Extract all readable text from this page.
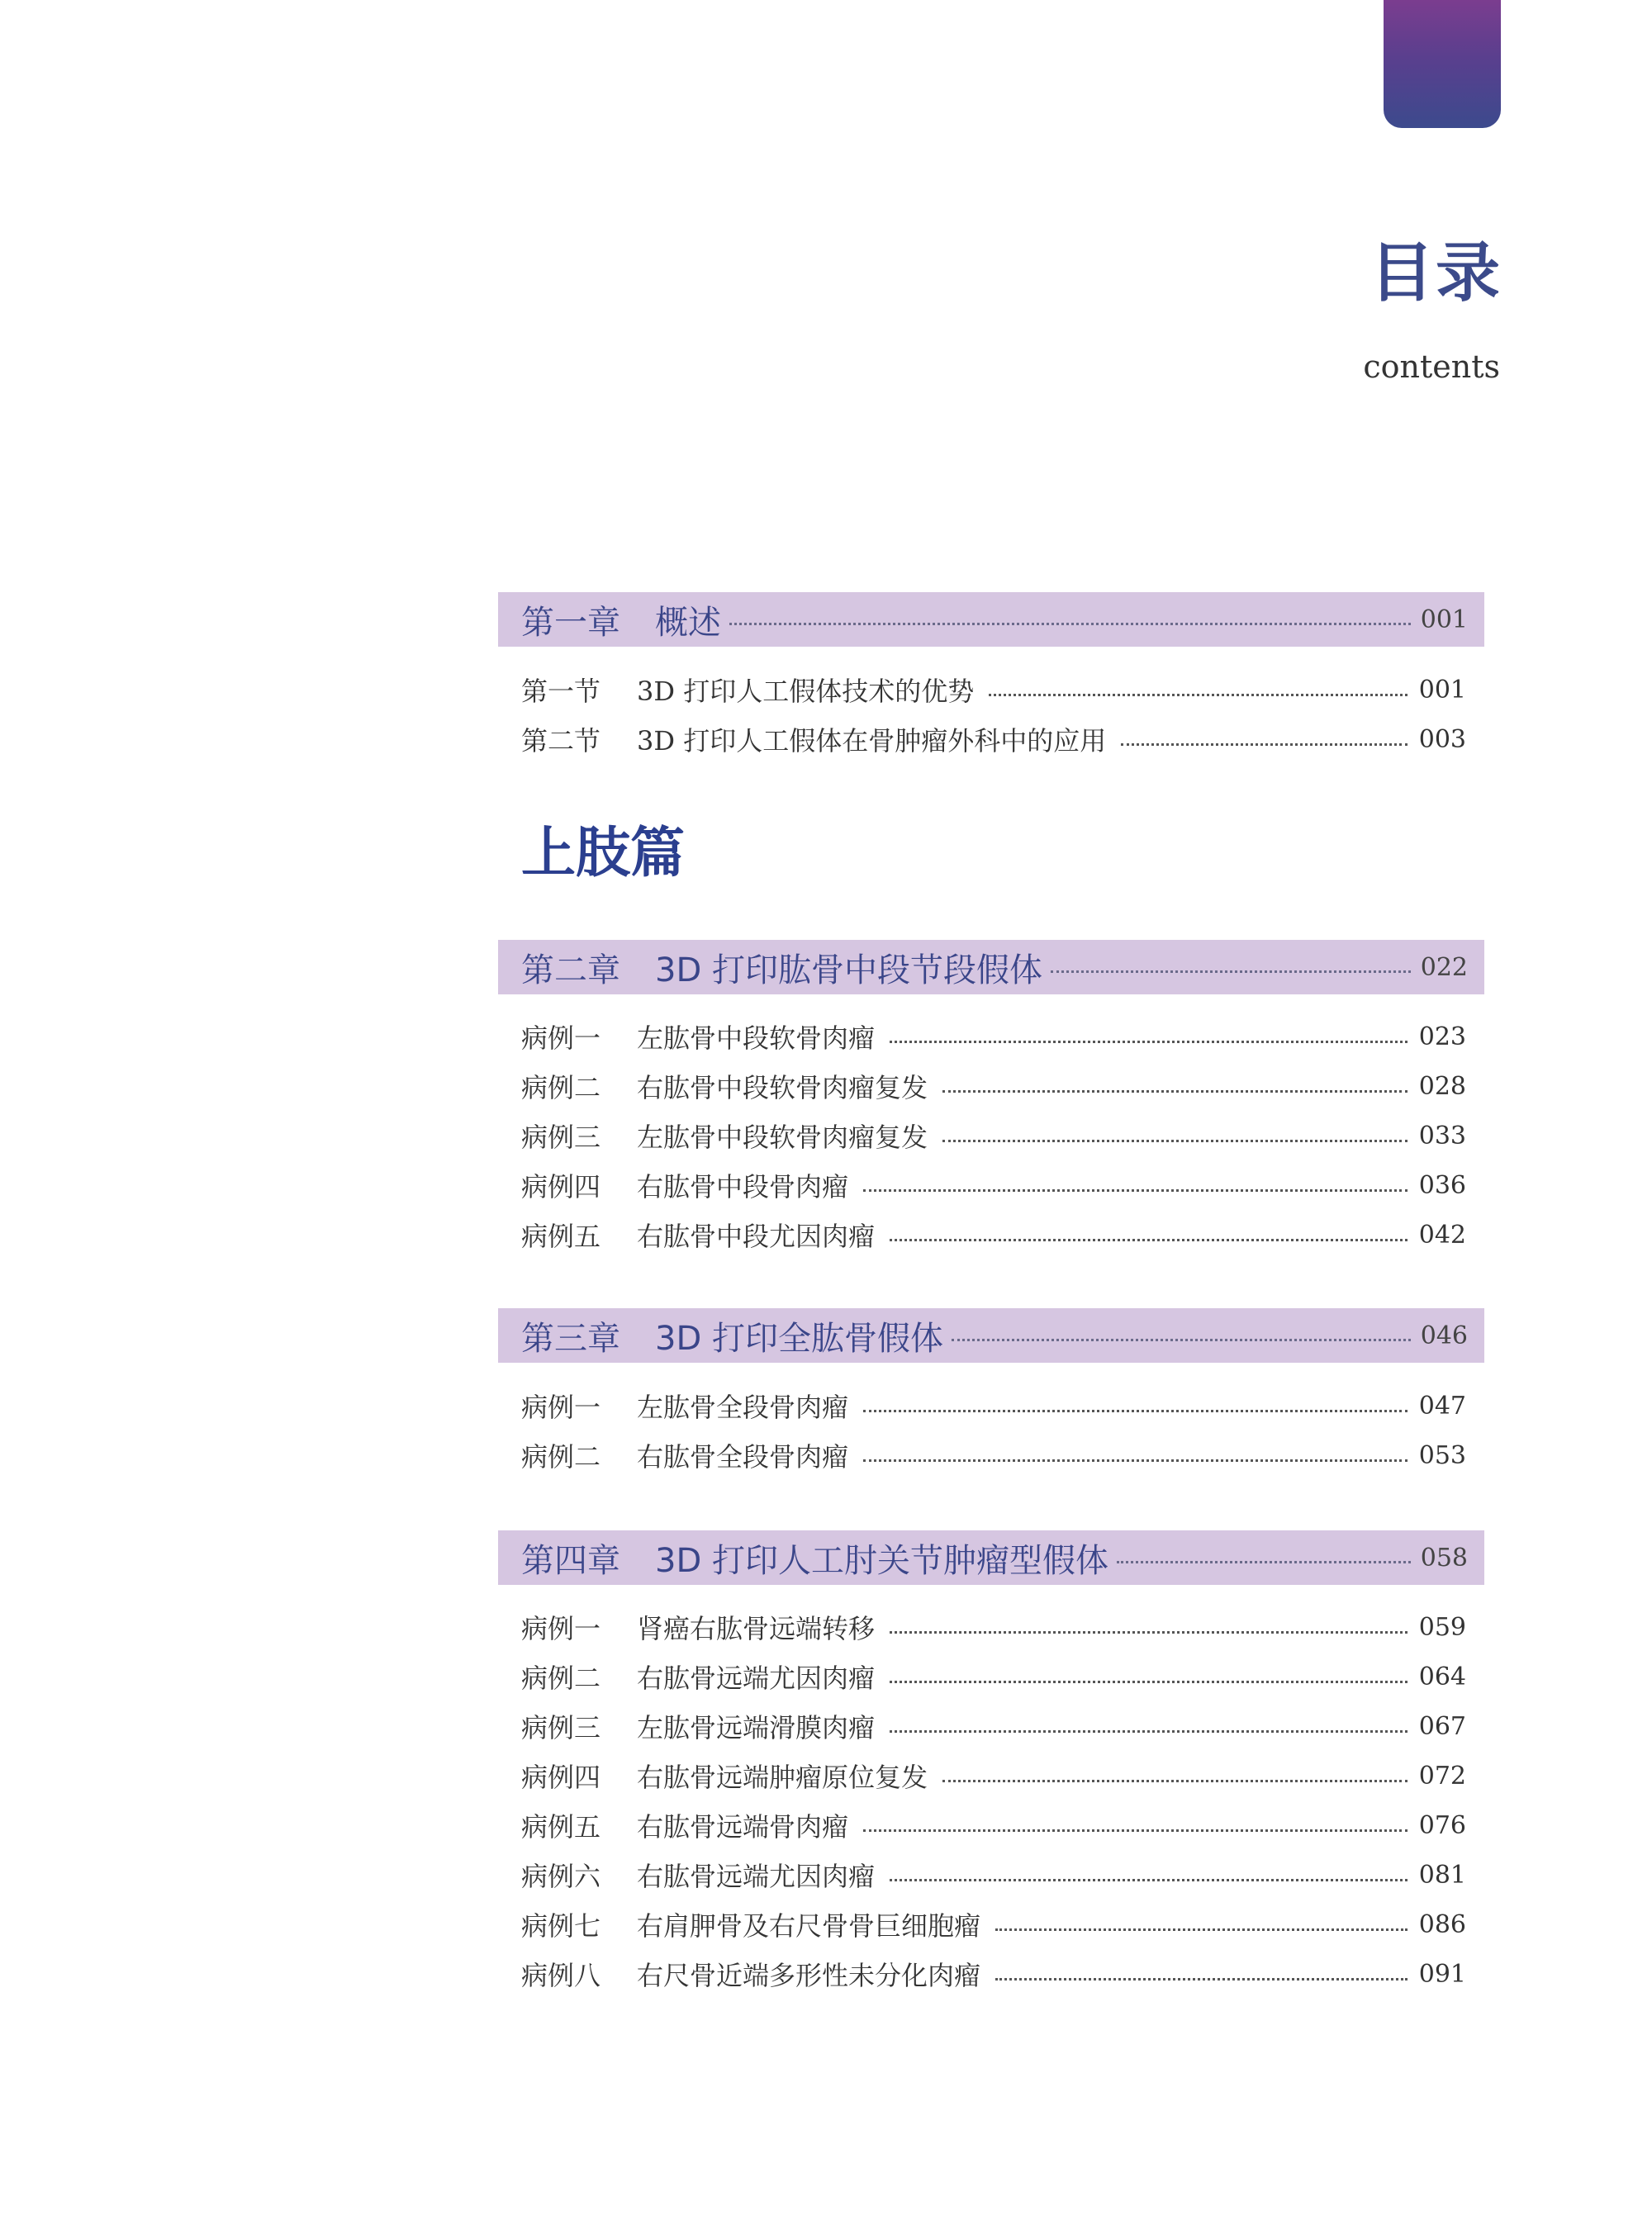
目录
contents
第一章 概述	001
第一节	3D 打印人工假体技术的优势	001
第二节	3D 打印人工假体在骨肿瘤外科中的应用	003
上肢篇
第二章 3D 打印肱骨中段节段假体	022
病例一	左肱骨中段软骨肉瘤	023
病例二	右肱骨中段软骨肉瘤复发	028
病例三	左肱骨中段软骨肉瘤复发	033
病例四	右肱骨中段骨肉瘤	036
病例五	右肱骨中段尤因肉瘤	042
第三章 3D 打印全肱骨假体	046
病例一	左肱骨全段骨肉瘤	047
病例二	右肱骨全段骨肉瘤	053
第四章 3D 打印人工肘关节肿瘤型假体	058
病例一	肾癌右肱骨远端转移	059
病例二	右肱骨远端尤因肉瘤	064
病例三	左肱骨远端滑膜肉瘤	067
病例四	右肱骨远端肿瘤原位复发	072
病例五	右肱骨远端骨肉瘤	076
病例六	右肱骨远端尤因肉瘤	081
病例七	右肩胛骨及右尺骨骨巨细胞瘤	086
病例八	右尺骨近端多形性未分化肉瘤	091
